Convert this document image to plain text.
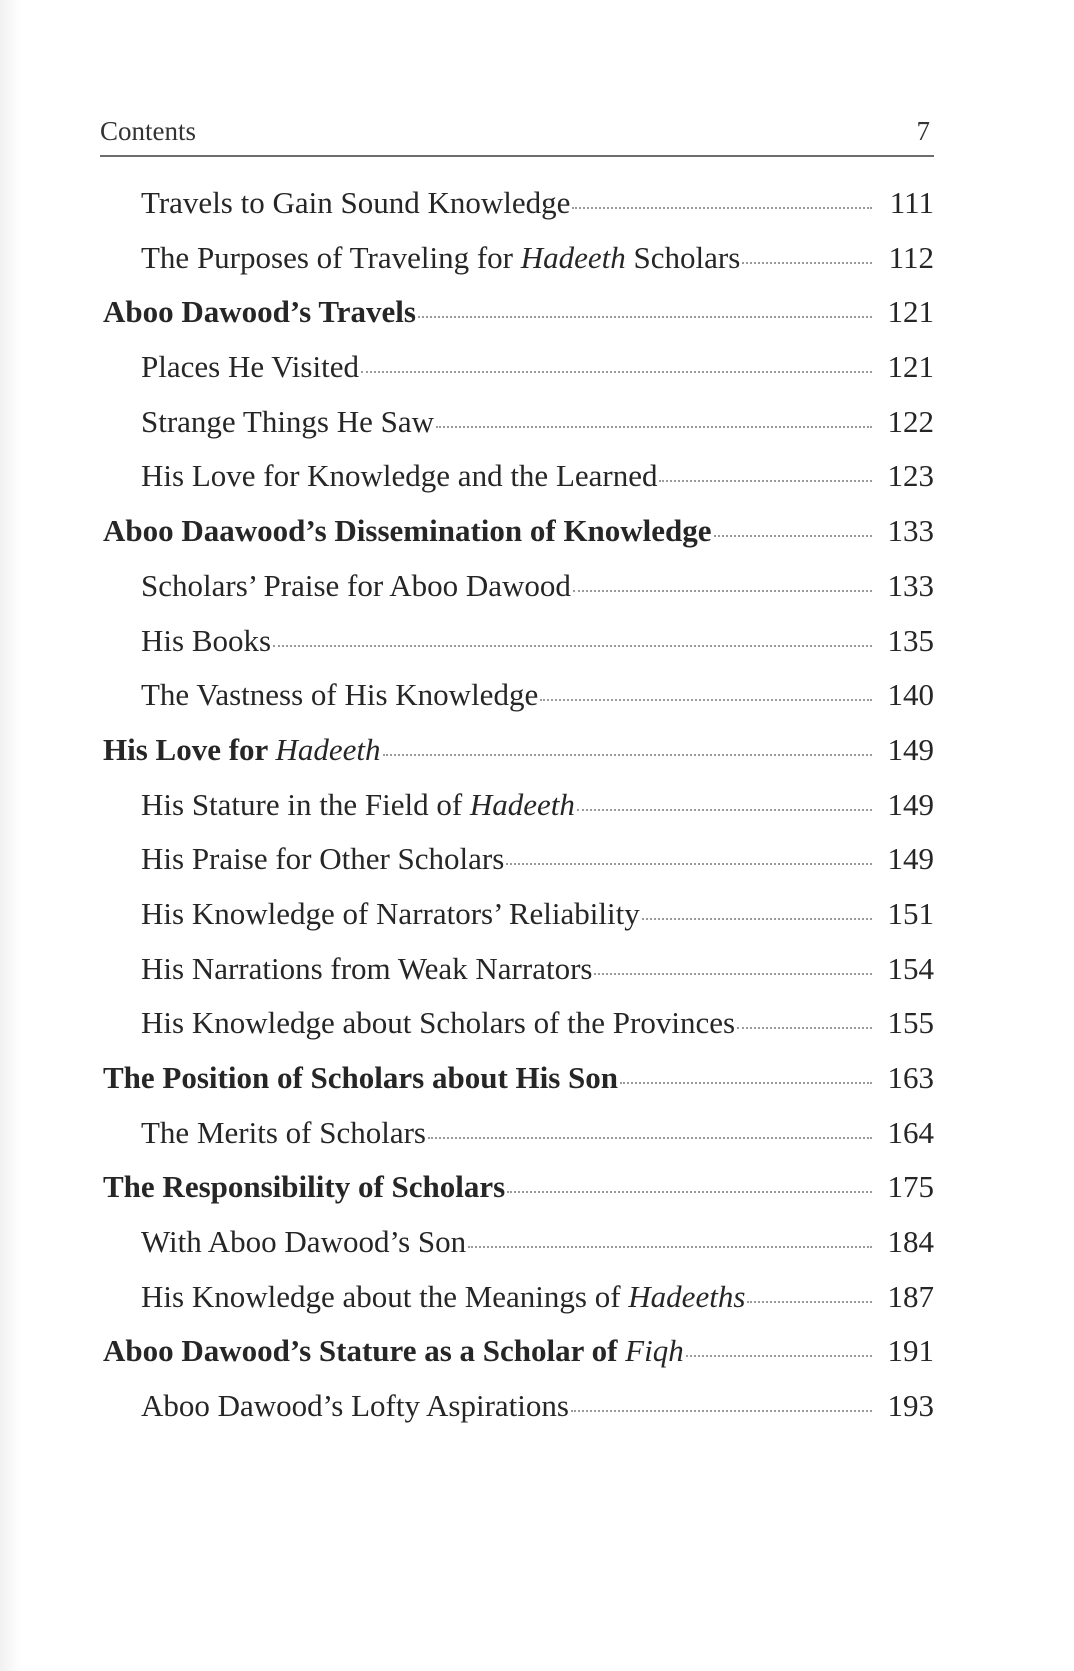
Contents	7
Travels to Gain Sound Knowledge	111
The Purposes of Traveling for Hadeeth Scholars	112
Aboo Dawood’s Travels	121
Places He Visited	121
Strange Things He Saw	122
His Love for Knowledge and the Learned	123
Aboo Daawood’s Dissemination of Knowledge	133
Scholars’ Praise for Aboo Dawood	133
His Books	135
The Vastness of His Knowledge	140
His Love for Hadeeth	149
His Stature in the Field of Hadeeth	149
His Praise for Other Scholars	149
His Knowledge of Narrators’ Reliability	151
His Narrations from Weak Narrators	154
His Knowledge about Scholars of the Provinces	155
The Position of Scholars about His Son	163
The Merits of Scholars	164
The Responsibility of Scholars	175
With Aboo Dawood’s Son	184
His Knowledge about the Meanings of Hadeeths	187
Aboo Dawood’s Stature as a Scholar of Fiqh	191
Aboo Dawood’s Lofty Aspirations	193
